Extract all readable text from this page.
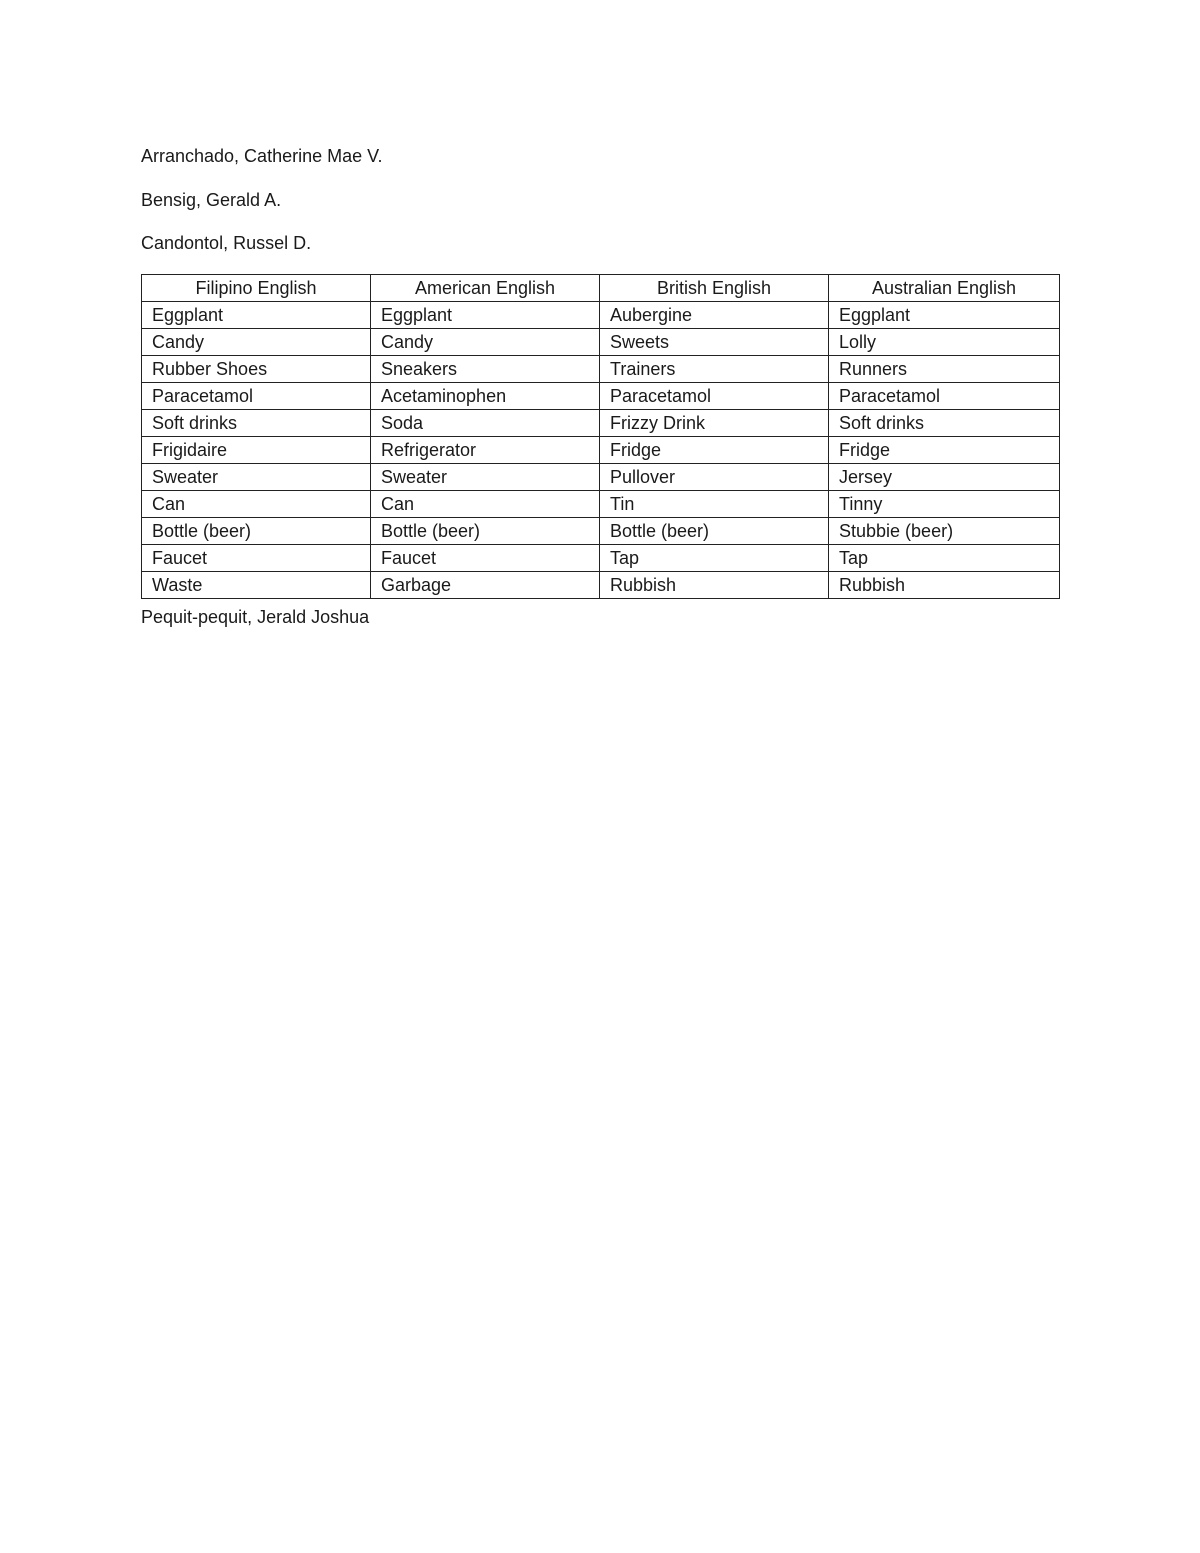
Arranchado, Catherine Mae V.
Bensig, Gerald A.
Candontol, Russel D.
Filipino English	American English	British English	Australian English
Eggplant	Eggplant	Aubergine	Eggplant
Candy	Candy	Sweets	Lolly
Rubber Shoes	Sneakers	Trainers	Runners
Paracetamol	Acetaminophen	Paracetamol	Paracetamol
Soft drinks	Soda	Frizzy Drink	Soft drinks
Frigidaire	Refrigerator	Fridge	Fridge
Sweater	Sweater	Pullover	Jersey
Can	Can	Tin	Tinny
Bottle (beer)	Bottle (beer)	Bottle (beer)	Stubbie (beer)
Faucet	Faucet	Tap	Tap
Waste	Garbage	Rubbish	Rubbish
Pequit-pequit, Jerald Joshua
